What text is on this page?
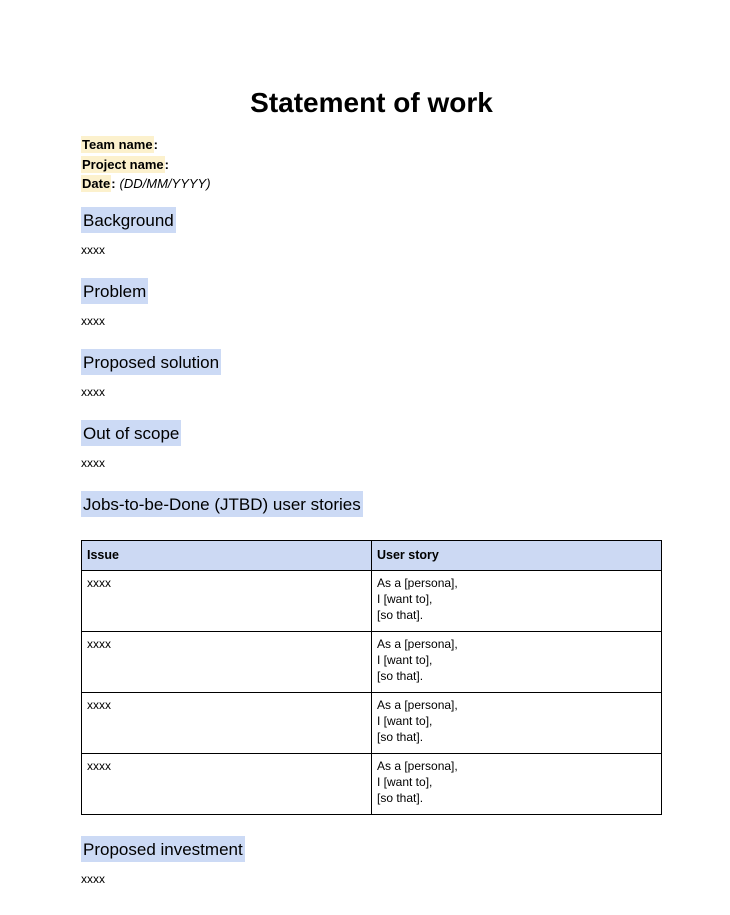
Statement of work

Team name:

Project name:

Date: (DD/MM/YYYY)

Background

xxxx

Problem

xxxx

Proposed solution

xxxx

Out of scope

xxxx

Jobs-to-be-Done (JTBD) user stories
Issue	User story
xxxx	As a [persona],
I [want to],
[so that].

xxxx	As a [persona],
I [want to],
[so that].

xxxx	As a [persona],
I [want to],
[so that].

xxxx	As a [persona],
I [want to],
[so that].
Proposed investment

xxxx
